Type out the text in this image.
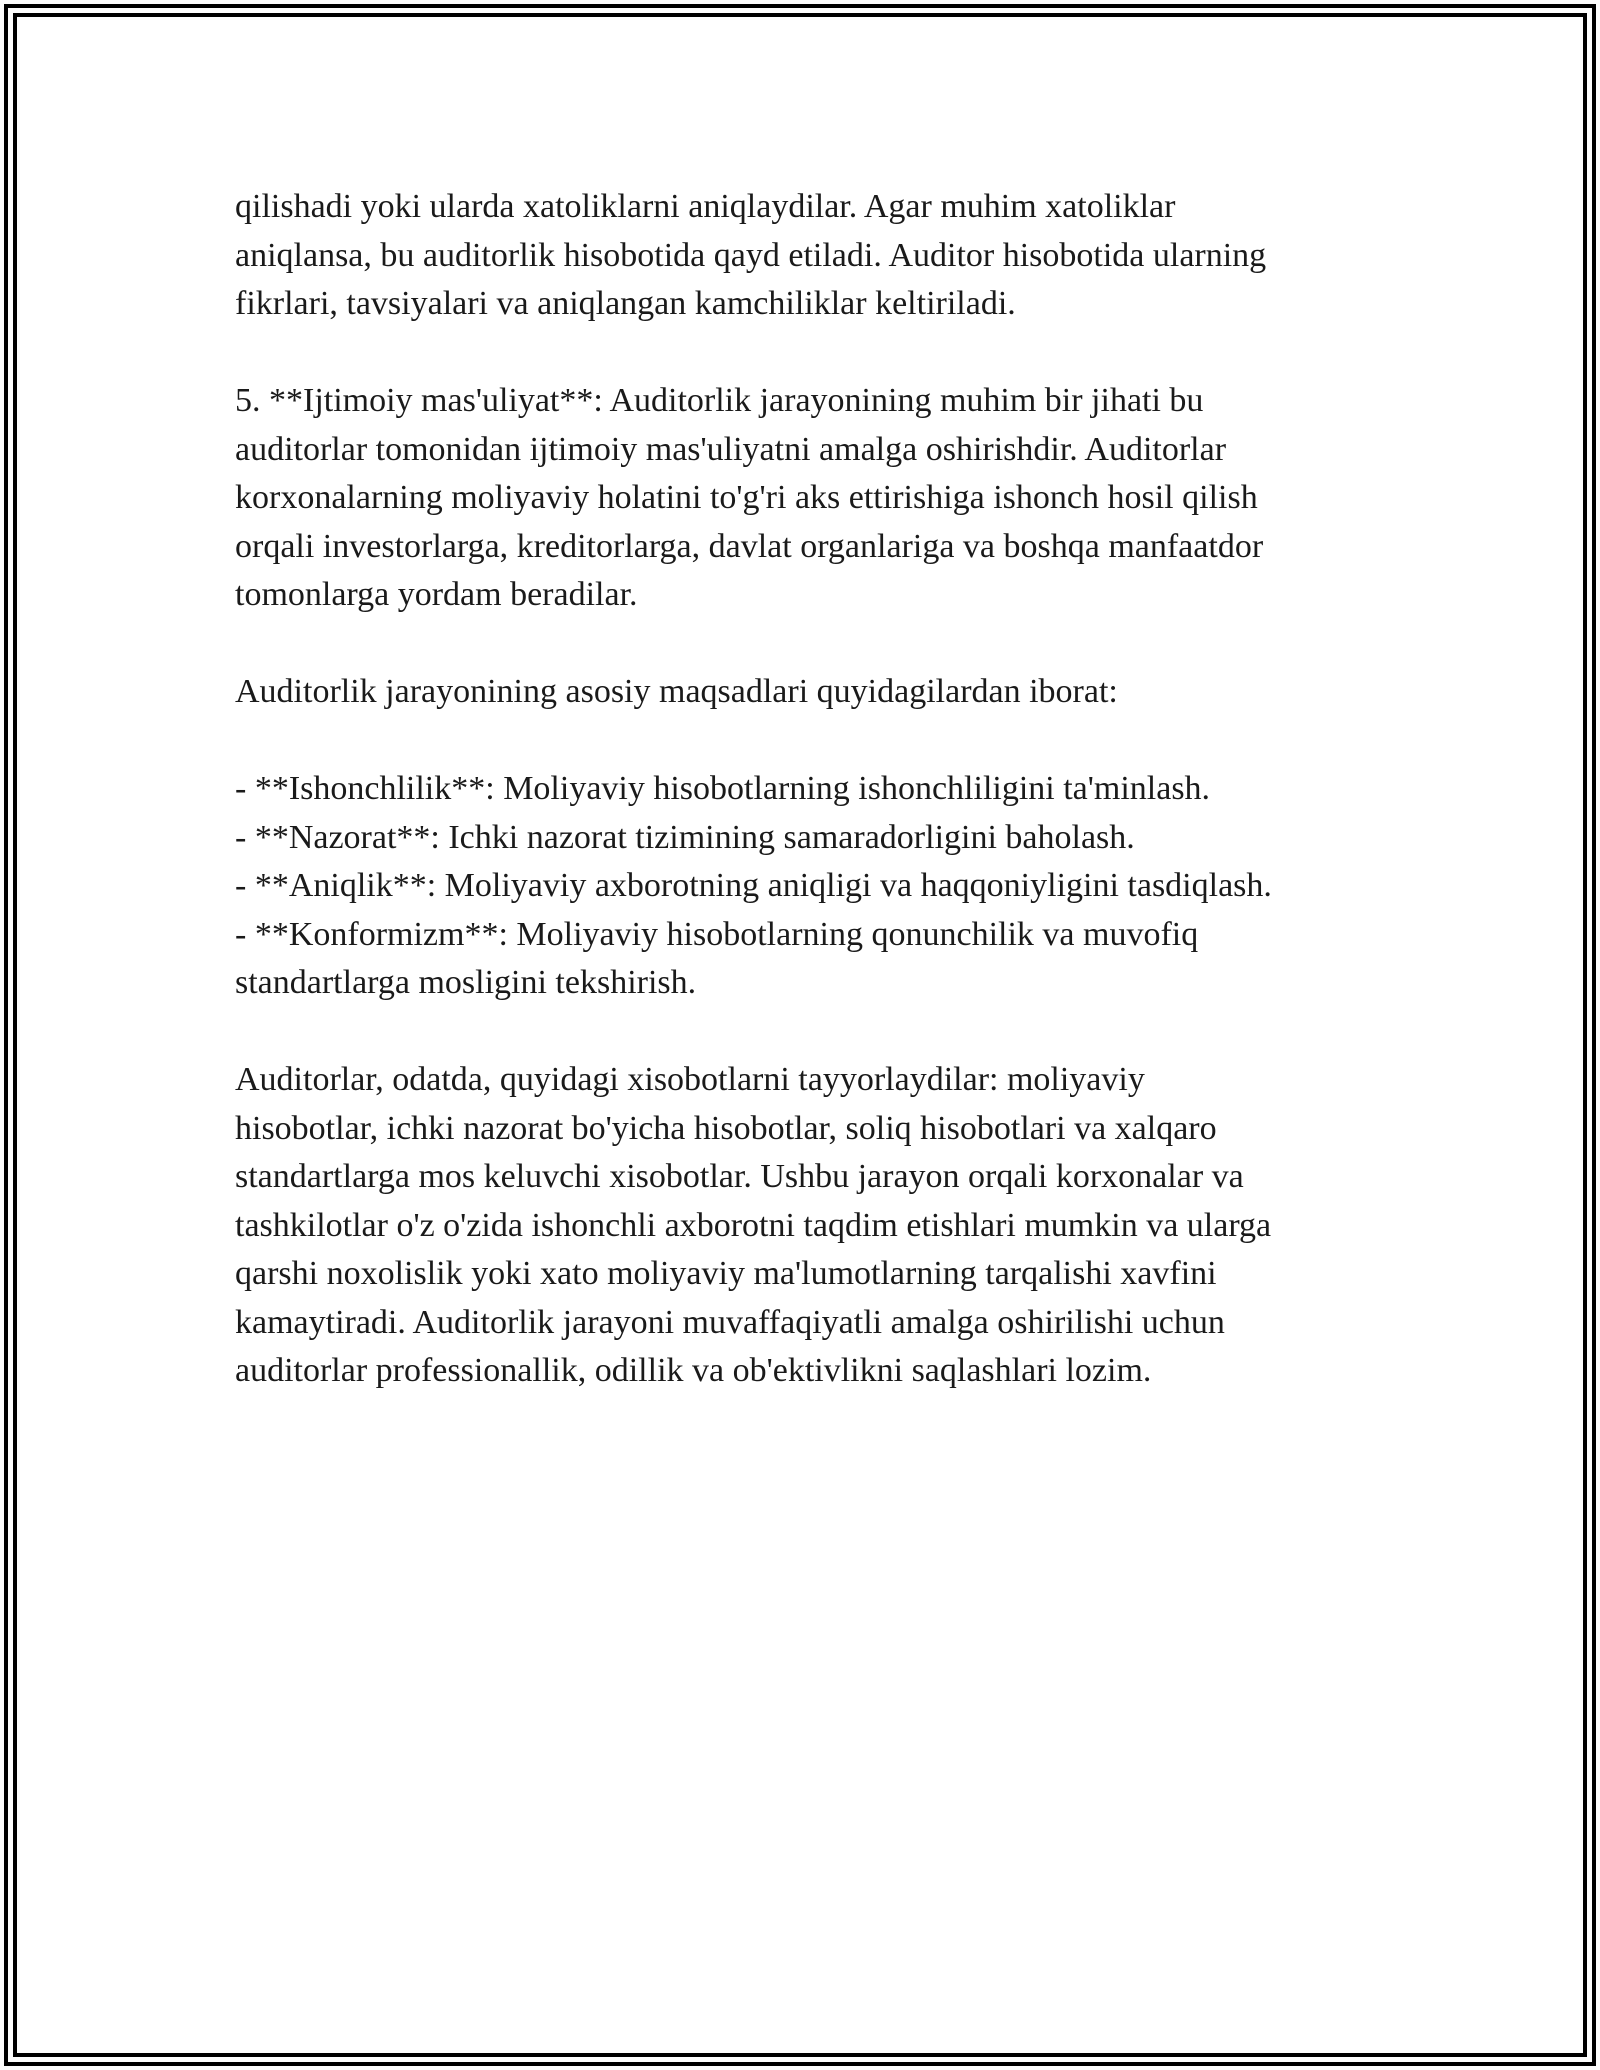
qilishadi yoki ularda xatoliklarni aniqlaydilar. Agar muhim xatoliklar
aniqlansa, bu auditorlik hisobotida qayd etiladi. Auditor hisobotida ularning
fikrlari, tavsiyalari va aniqlangan kamchiliklar keltiriladi.

5. **Ijtimoiy mas'uliyat**: Auditorlik jarayonining muhim bir jihati bu
auditorlar tomonidan ijtimoiy mas'uliyatni amalga oshirishdir. Auditorlar
korxonalarning moliyaviy holatini to'g'ri aks ettirishiga ishonch hosil qilish
orqali investorlarga, kreditorlarga, davlat organlariga va boshqa manfaatdor
tomonlarga yordam beradilar.

Auditorlik jarayonining asosiy maqsadlari quyidagilardan iborat:

- **Ishonchlilik**: Moliyaviy hisobotlarning ishonchliligini ta'minlash.

- **Nazorat**: Ichki nazorat tizimining samaradorligini baholash.

- **Aniqlik**: Moliyaviy axborotning aniqligi va haqqoniyligini tasdiqlash.

- **Konformizm**: Moliyaviy hisobotlarning qonunchilik va muvofiq
standartlarga mosligini tekshirish.

Auditorlar, odatda, quyidagi xisobotlarni tayyorlaydilar: moliyaviy
hisobotlar, ichki nazorat bo'yicha hisobotlar, soliq hisobotlari va xalqaro
standartlarga mos keluvchi xisobotlar. Ushbu jarayon orqali korxonalar va
tashkilotlar o'z o'zida ishonchli axborotni taqdim etishlari mumkin va ularga
qarshi noxolislik yoki xato moliyaviy ma'lumotlarning tarqalishi xavfini
kamaytiradi. Auditorlik jarayoni muvaffaqiyatli amalga oshirilishi uchun
auditorlar professionallik, odillik va ob'ektivlikni saqlashlari lozim.
